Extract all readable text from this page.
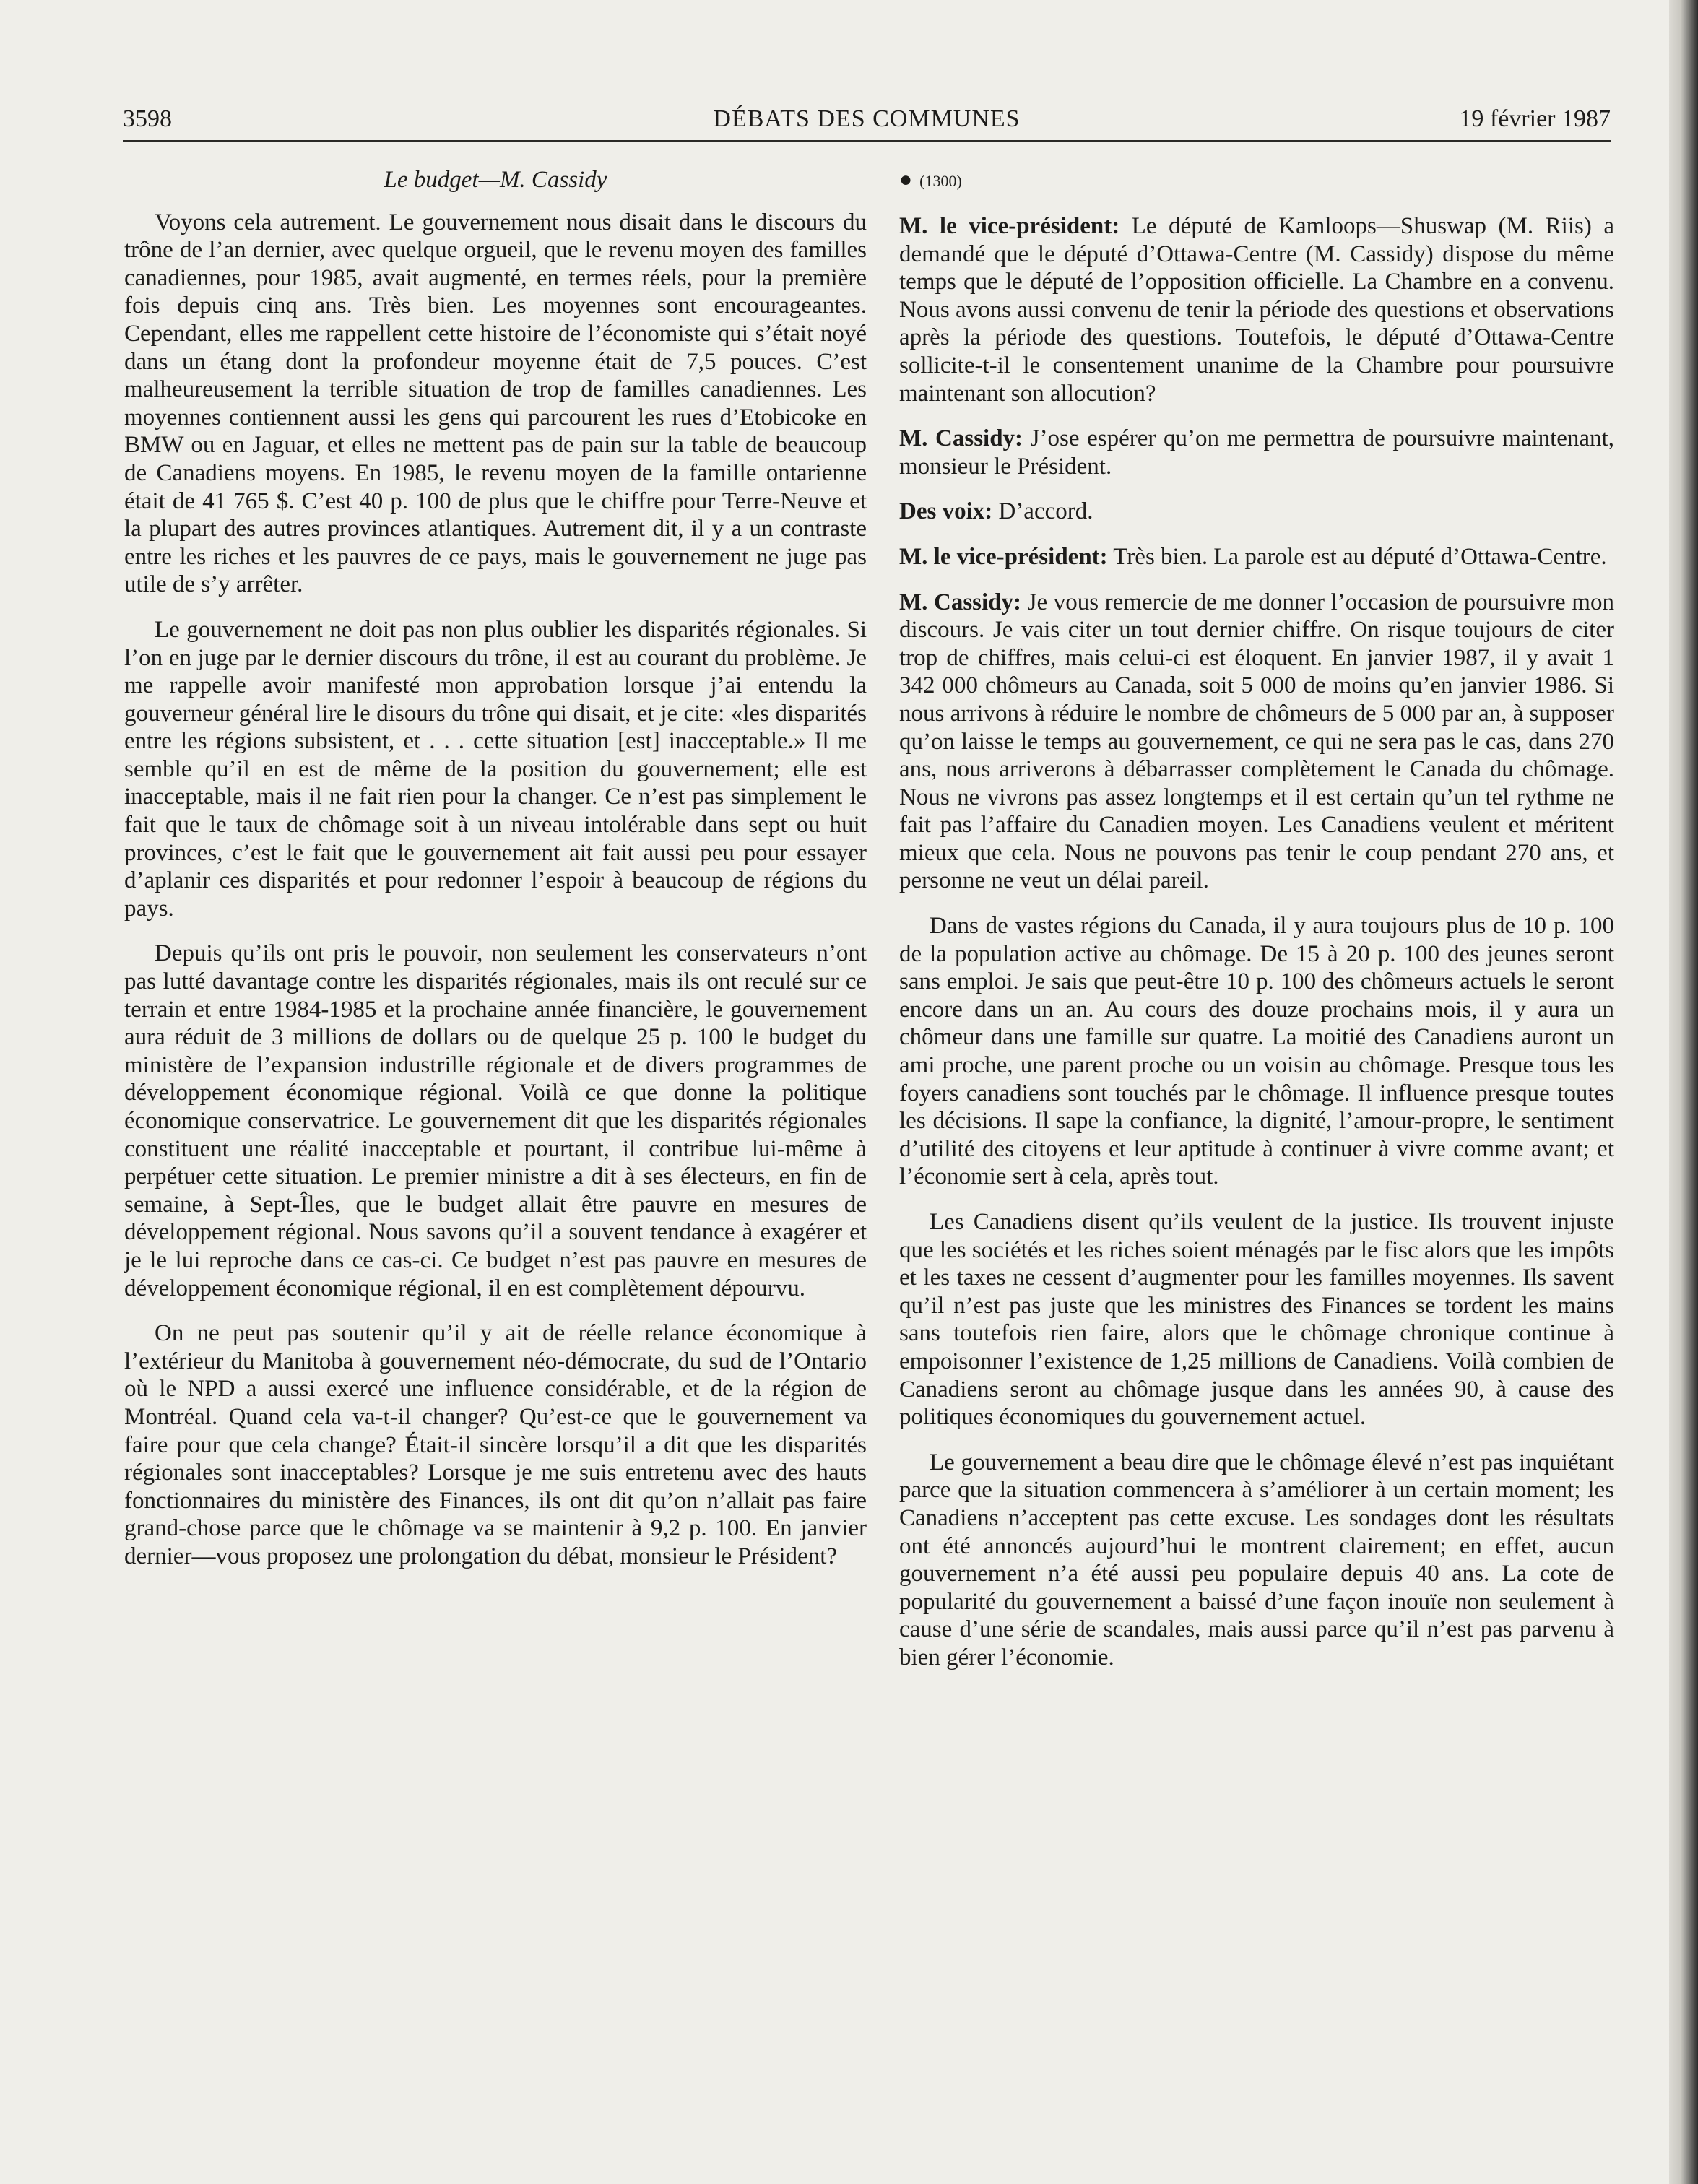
3598	DÉBATS DES COMMUNES	19 février 1987
Le budget—M. Cassidy

Voyons cela autrement. Le gouvernement nous disait dans le discours du trône de l’an dernier, avec quelque orgueil, que le revenu moyen des familles canadiennes, pour 1985, avait augmenté, en termes réels, pour la première fois depuis cinq ans. Très bien. Les moyennes sont encourageantes. Cependant, elles me rappellent cette histoire de l’économiste qui s’était noyé dans un étang dont la profondeur moyenne était de 7,5 pouces. C’est malheureusement la terrible situation de trop de familles canadiennes. Les moyennes contiennent aussi les gens qui parcourent les rues d’Etobicoke en BMW ou en Jaguar, et elles ne mettent pas de pain sur la table de beaucoup de Canadiens moyens. En 1985, le revenu moyen de la famille ontarienne était de 41 765 $. C’est 40 p. 100 de plus que le chiffre pour Terre-Neuve et la plupart des autres provinces atlantiques. Autrement dit, il y a un contraste entre les riches et les pauvres de ce pays, mais le gouvernement ne juge pas utile de s’y arrêter.

Le gouvernement ne doit pas non plus oublier les disparités régionales. Si l’on en juge par le dernier discours du trône, il est au courant du problème. Je me rappelle avoir manifesté mon approbation lorsque j’ai entendu la gouverneur général lire le disours du trône qui disait, et je cite: «les disparités entre les régions subsistent, et . . . cette situation [est] inacceptable.» Il me semble qu’il en est de même de la position du gouvernement; elle est inacceptable, mais il ne fait rien pour la changer. Ce n’est pas simplement le fait que le taux de chômage soit à un niveau intolérable dans sept ou huit provinces, c’est le fait que le gouvernement ait fait aussi peu pour essayer d’aplanir ces disparités et pour redonner l’espoir à beaucoup de régions du pays.

Depuis qu’ils ont pris le pouvoir, non seulement les conservateurs n’ont pas lutté davantage contre les disparités régionales, mais ils ont reculé sur ce terrain et entre 1984-1985 et la prochaine année financière, le gouvernement aura réduit de 3 millions de dollars ou de quelque 25 p. 100 le budget du ministère de l’expansion industrille régionale et de divers programmes de développement économique régional. Voilà ce que donne la politique économique conservatrice. Le gouvernement dit que les disparités régionales constituent une réalité inacceptable et pourtant, il contribue lui-même à perpétuer cette situation. Le premier ministre a dit à ses électeurs, en fin de semaine, à Sept-Îles, que le budget allait être pauvre en mesures de développement régional. Nous savons qu’il a souvent tendance à exagérer et je le lui reproche dans ce cas-ci. Ce budget n’est pas pauvre en mesures de développement économique régional, il en est complètement dépourvu.

On ne peut pas soutenir qu’il y ait de réelle relance économique à l’extérieur du Manitoba à gouvernement néo-démocrate, du sud de l’Ontario où le NPD a aussi exercé une influence considérable, et de la région de Montréal. Quand cela va-t-il changer? Qu’est-ce que le gouvernement va faire pour que cela change? Était-il sincère lorsqu’il a dit que les disparités régionales sont inacceptables? Lorsque je me suis entretenu avec des hauts fonctionnaires du ministère des Finances, ils ont dit qu’on n’allait pas faire grand-chose parce que le chômage va se maintenir à 9,2 p. 100. En janvier dernier—vous proposez une prolongation du débat, monsieur le Président?

● (1300)

M. le vice-président: Le député de Kamloops—Shuswap (M. Riis) a demandé que le député d’Ottawa-Centre (M. Cassidy) dispose du même temps que le député de l’opposition officielle. La Chambre en a convenu. Nous avons aussi convenu de tenir la période des questions et observations après la période des questions. Toutefois, le député d’Ottawa-Centre sollicite-t-il le consentement unanime de la Chambre pour poursuivre maintenant son allocution?

M. Cassidy: J’ose espérer qu’on me permettra de poursuivre maintenant, monsieur le Président.

Des voix: D’accord.

M. le vice-président: Très bien. La parole est au député d’Ottawa-Centre.

M. Cassidy: Je vous remercie de me donner l’occasion de poursuivre mon discours. Je vais citer un tout dernier chiffre. On risque toujours de citer trop de chiffres, mais celui-ci est éloquent. En janvier 1987, il y avait 1 342 000 chômeurs au Canada, soit 5 000 de moins qu’en janvier 1986. Si nous arrivons à réduire le nombre de chômeurs de 5 000 par an, à supposer qu’on laisse le temps au gouvernement, ce qui ne sera pas le cas, dans 270 ans, nous arriverons à débarrasser complètement le Canada du chômage. Nous ne vivrons pas assez longtemps et il est certain qu’un tel rythme ne fait pas l’affaire du Canadien moyen. Les Canadiens veulent et méritent mieux que cela. Nous ne pouvons pas tenir le coup pendant 270 ans, et personne ne veut un délai pareil.

Dans de vastes régions du Canada, il y aura toujours plus de 10 p. 100 de la population active au chômage. De 15 à 20 p. 100 des jeunes seront sans emploi. Je sais que peut-être 10 p. 100 des chômeurs actuels le seront encore dans un an. Au cours des douze prochains mois, il y aura un chômeur dans une famille sur quatre. La moitié des Canadiens auront un ami proche, une parent proche ou un voisin au chômage. Presque tous les foyers canadiens sont touchés par le chômage. Il influence presque toutes les décisions. Il sape la confiance, la dignité, l’amour-propre, le sentiment d’utilité des citoyens et leur aptitude à continuer à vivre comme avant; et l’économie sert à cela, après tout.

Les Canadiens disent qu’ils veulent de la justice. Ils trouvent injuste que les sociétés et les riches soient ménagés par le fisc alors que les impôts et les taxes ne cessent d’augmenter pour les familles moyennes. Ils savent qu’il n’est pas juste que les ministres des Finances se tordent les mains sans toutefois rien faire, alors que le chômage chronique continue à empoisonner l’existence de 1,25 millions de Canadiens. Voilà combien de Canadiens seront au chômage jusque dans les années 90, à cause des politiques économiques du gouvernement actuel.

Le gouvernement a beau dire que le chômage élevé n’est pas inquiétant parce que la situation commencera à s’améliorer à un certain moment; les Canadiens n’acceptent pas cette excuse. Les sondages dont les résultats ont été annoncés aujourd’hui le montrent clairement; en effet, aucun gouvernement n’a été aussi peu populaire depuis 40 ans. La cote de popularité du gouvernement a baissé d’une façon inouïe non seulement à cause d’une série de scandales, mais aussi parce qu’il n’est pas parvenu à bien gérer l’économie.
